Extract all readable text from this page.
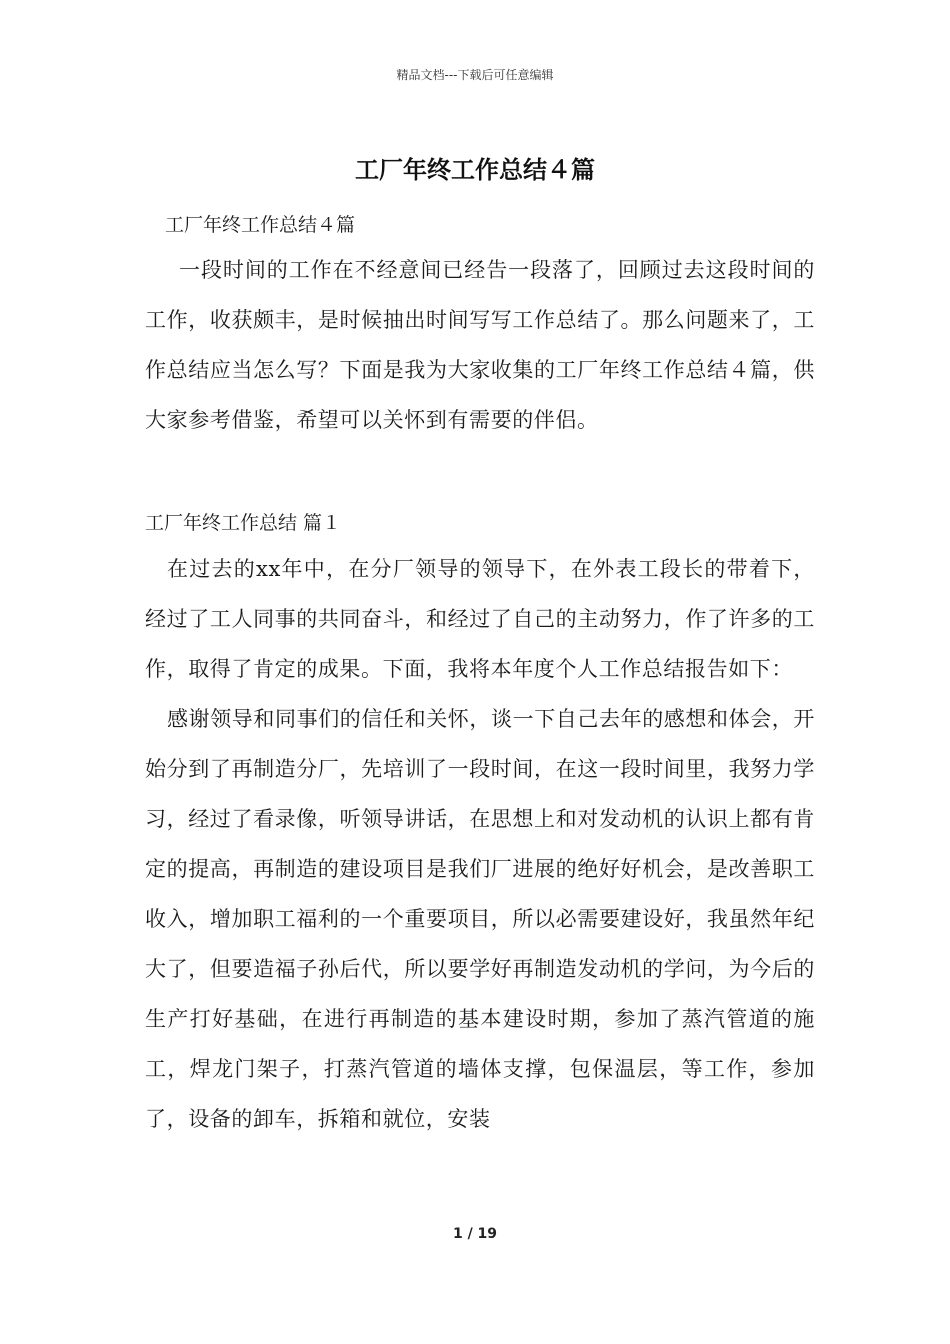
精品文档---下载后可任意编辑
工厂年终工作总结４篇
工厂年终工作总结４篇

一段时间的工作在不经意间已经告一段落了，回顾过去这段时间的工作，收获颇丰，是时候抽出时间写写工作总结了。那么问题来了，工作总结应当怎么写？下面是我为大家收集的工厂年终工作总结４篇，供大家参考借鉴，希望可以关怀到有需要的伴侣。

工厂年终工作总结 篇１

在过去的xx年中，在分厂领导的领导下，在外表工段长的带着下，经过了工人同事的共同奋斗，和经过了自己的主动努力，作了许多的工作，取得了肯定的成果。下面，我将本年度个人工作总结报告如下：

感谢领导和同事们的信任和关怀，谈一下自己去年的感想和体会，开始分到了再制造分厂，先培训了一段时间，在这一段时间里，我努力学习，经过了看录像，听领导讲话，在思想上和对发动机的认识上都有肯定的提高，再制造的建设项目是我们厂进展的绝好好机会，是改善职工收入，增加职工福利的一个重要项目，所以必需要建设好，我虽然年纪大了，但要造福子孙后代，所以要学好再制造发动机的学问，为今后的生产打好基础，在进行再制造的基本建设时期，参加了蒸汽管道的施工，焊龙门架子，打蒸汽管道的墙体支撑，包保温层，等工作，参加了，设备的卸车，拆箱和就位，安装

1 / 19
